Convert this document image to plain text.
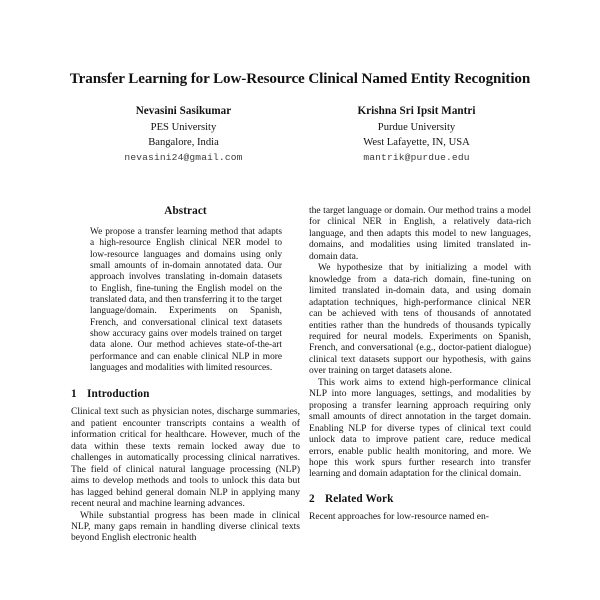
Transfer Learning for Low-Resource Clinical Named Entity Recognition
Nevasini Sasikumar
PES University
Bangalore, India
nevasini24@gmail.com
Krishna Sri Ipsit Mantri
Purdue University
West Lafayette, IN, USA
mantrik@purdue.edu
Abstract

We propose a transfer learning method that adapts a high-resource English clinical NER model to low-resource languages and domains using only small amounts of in-domain annotated data. Our approach involves translating in-domain datasets to English, fine-tuning the English model on the translated data, and then transferring it to the target language/domain. Experiments on Spanish, French, and conversational clinical text datasets show accuracy gains over models trained on target data alone. Our method achieves state-of-the-art performance and can enable clinical NLP in more languages and modalities with limited resources.

1 Introduction

Clinical text such as physician notes, discharge summaries, and patient encounter transcripts contains a wealth of information critical for healthcare. However, much of the data within these texts remain locked away due to challenges in automatically processing clinical narratives. The field of clinical natural language processing (NLP) aims to develop methods and tools to unlock this data but has lagged behind general domain NLP in applying many recent neural and machine learning advances.

While substantial progress has been made in clinical NLP, many gaps remain in handling diverse clinical texts beyond English electronic health

the target language or domain. Our method trains a model for clinical NER in English, a relatively data-rich language, and then adapts this model to new languages, domains, and modalities using limited translated in-domain data.

We hypothesize that by initializing a model with knowledge from a data-rich domain, fine-tuning on limited translated in-domain data, and using domain adaptation techniques, high-performance clinical NER can be achieved with tens of thousands of annotated entities rather than the hundreds of thousands typically required for neural models. Experiments on Spanish, French, and conversational (e.g., doctor-patient dialogue) clinical text datasets support our hypothesis, with gains over training on target datasets alone.

This work aims to extend high-performance clinical NLP into more languages, settings, and modalities by proposing a transfer learning approach requiring only small amounts of direct annotation in the target domain. Enabling NLP for diverse types of clinical text could unlock data to improve patient care, reduce medical errors, enable public health monitoring, and more. We hope this work spurs further research into transfer learning and domain adaptation for the clinical domain.

2 Related Work

Recent approaches for low-resource named en-
